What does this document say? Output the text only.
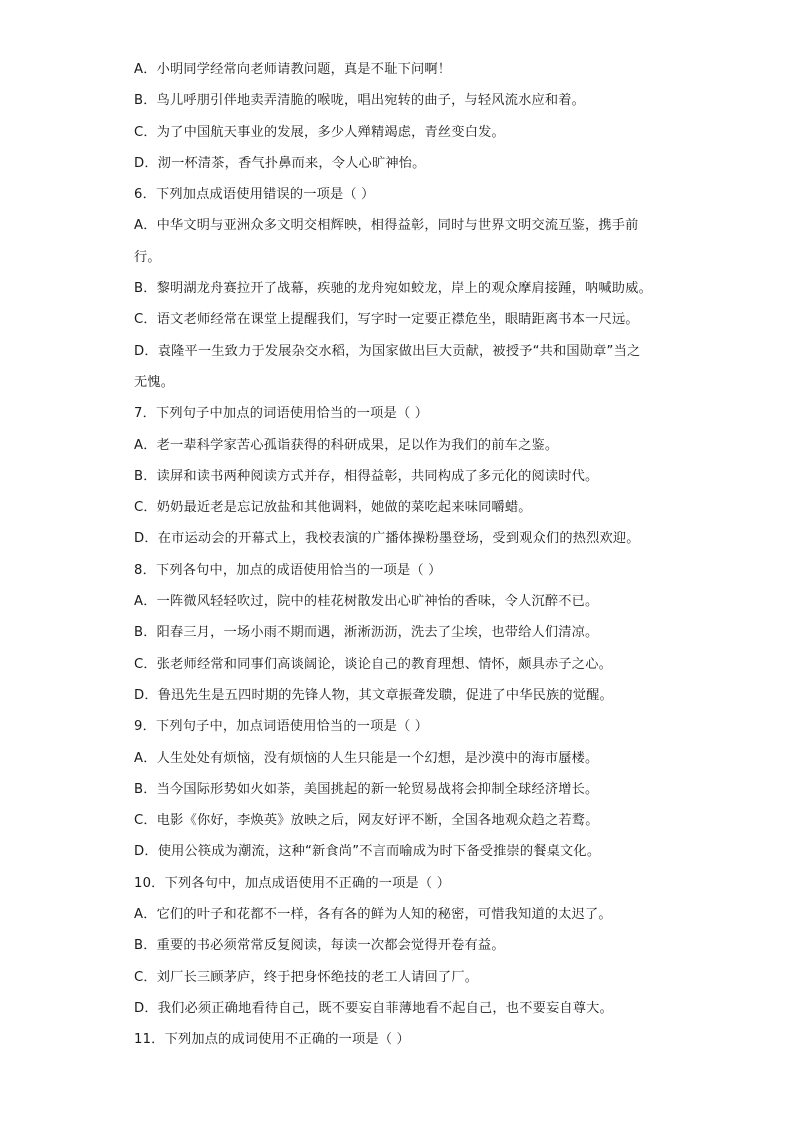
A．小明同学经常向老师请教问题，真是不耻下问啊！
B．鸟儿呼朋引伴地卖弄清脆的喉咙，唱出宛转的曲子，与轻风流水应和着。
C．为了中国航天事业的发展，多少人殚精竭虑，青丝变白发。
D．沏一杯清茶，香气扑鼻而来，令人心旷神怡。
6．下列加点成语使用错误的一项是（ ）
A．中华文明与亚洲众多文明交相辉映，相得益彰，同时与世界文明交流互鉴，携手前
行。
B．黎明湖龙舟赛拉开了战幕，疾驰的龙舟宛如蛟龙，岸上的观众摩肩接踵，呐喊助威。
C．语文老师经常在课堂上提醒我们，写字时一定要正襟危坐，眼睛距离书本一尺远。
D．袁隆平一生致力于发展杂交水稻，为国家做出巨大贡献，被授予“共和国勋章”当之
无愧。
7．下列句子中加点的词语使用恰当的一项是（ ）
A．老一辈科学家苦心孤诣获得的科研成果，足以作为我们的前车之鉴。
B．读屏和读书两种阅读方式并存，相得益彰，共同构成了多元化的阅读时代。
C．奶奶最近老是忘记放盐和其他调料，她做的菜吃起来味同嚼蜡。
D．在市运动会的开幕式上，我校表演的广播体操粉墨登场，受到观众们的热烈欢迎。
8．下列各句中，加点的成语使用恰当的一项是（ ）
A．一阵微风轻轻吹过，院中的桂花树散发出心旷神怡的香味，令人沉醉不已。
B．阳春三月，一场小雨不期而遇，淅淅沥沥，洗去了尘埃，也带给人们清凉。
C．张老师经常和同事们高谈阔论，谈论自己的教育理想、情怀，颇具赤子之心。
D．鲁迅先生是五四时期的先锋人物，其文章振聋发聩，促进了中华民族的觉醒。
9．下列句子中，加点词语使用恰当的一项是（ ）
A．人生处处有烦恼，没有烦恼的人生只能是一个幻想，是沙漠中的海市蜃楼。
B．当今国际形势如火如荼，美国挑起的新一轮贸易战将会抑制全球经济增长。
C．电影《你好，李焕英》放映之后，网友好评不断，全国各地观众趋之若鹜。
D．使用公筷成为潮流，这种“新食尚”不言而喻成为时下备受推崇的餐桌文化。
10．下列各句中，加点成语使用不正确的一项是（ ）
A．它们的叶子和花都不一样，各有各的鲜为人知的秘密，可惜我知道的太迟了。
B．重要的书必须常常反复阅读，每读一次都会觉得开卷有益。
C．刘厂长三顾茅庐，终于把身怀绝技的老工人请回了厂。
D．我们必须正确地看待自己，既不要妄自菲薄地看不起自己，也不要妄自尊大。
11．下列加点的成词使用不正确的一项是（ ）
